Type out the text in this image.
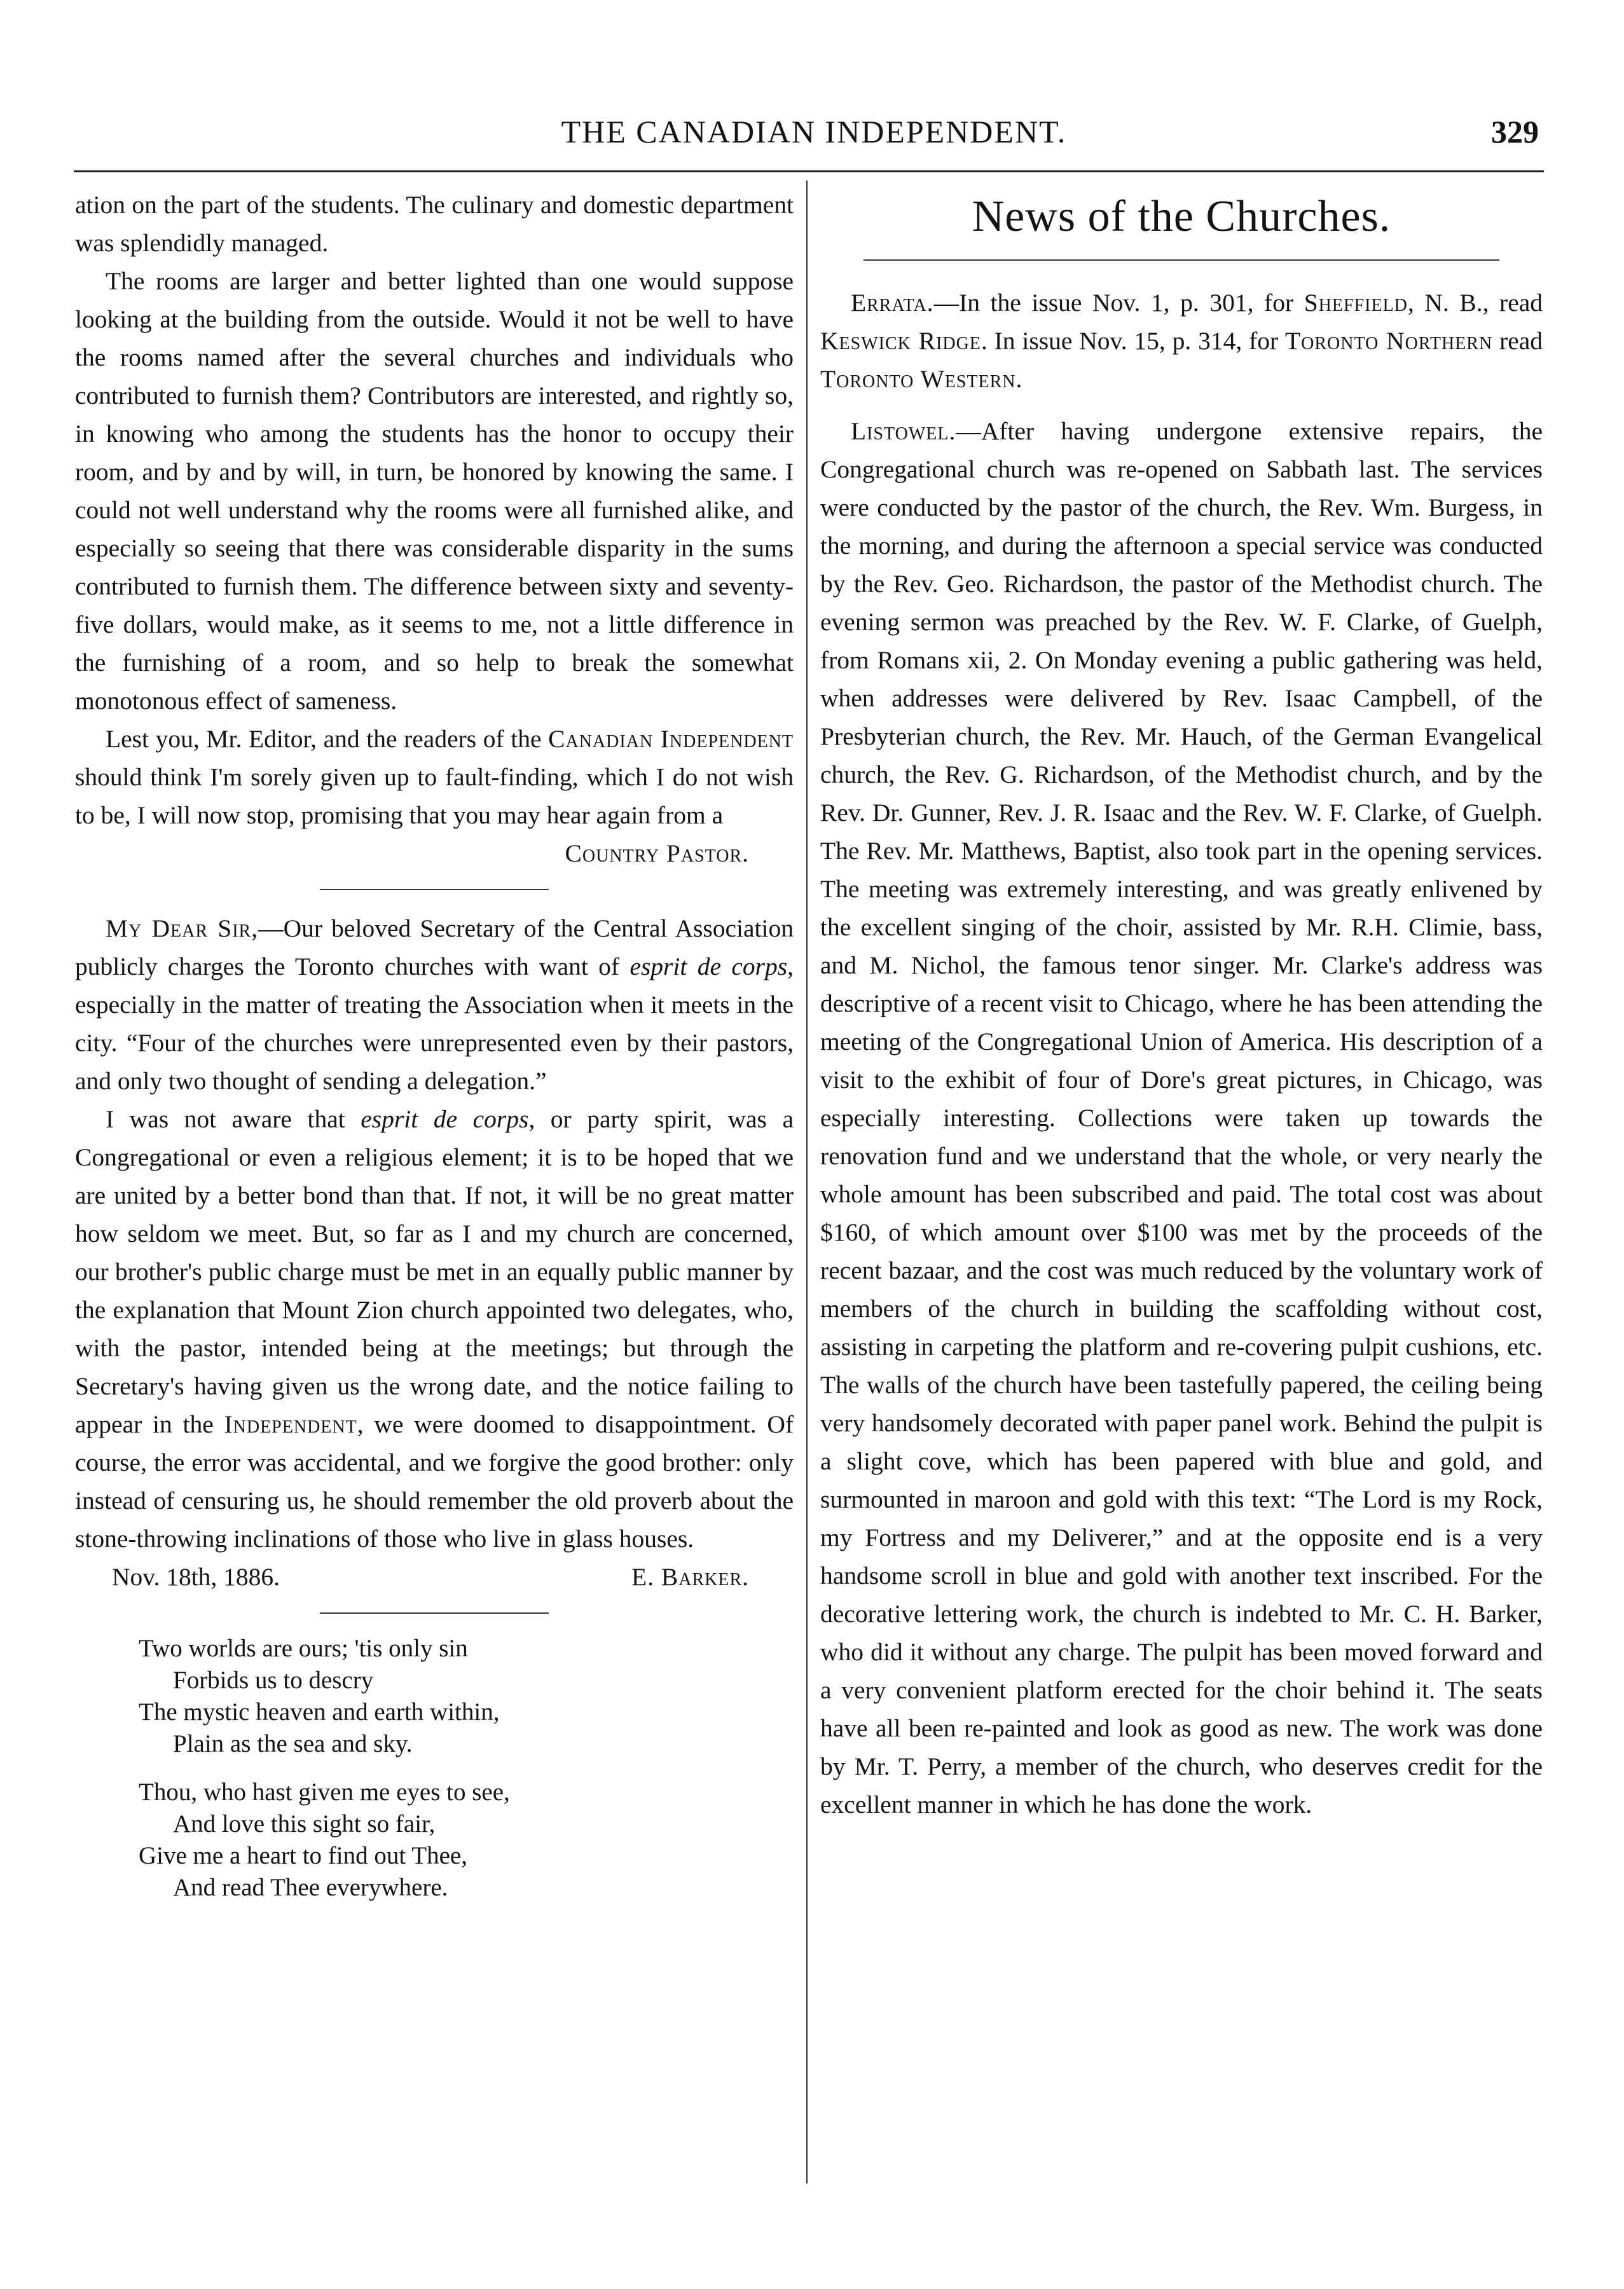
THE CANADIAN INDEPENDENT.	329

ation on the part of the students. The culinary and domestic department was splendidly managed.

The rooms are larger and better lighted than one would suppose looking at the building from the outside. Would it not be well to have the rooms named after the several churches and individuals who contributed to furnish them? Contributors are interested, and rightly so, in knowing who among the students has the honor to occupy their room, and by and by will, in turn, be honored by knowing the same. I could not well understand why the rooms were all furnished alike, and especially so seeing that there was considerable disparity in the sums contributed to furnish them. The difference between sixty and seventy-five dollars, would make, as it seems to me, not a little difference in the furnishing of a room, and so help to break the somewhat monotonous effect of sameness.

Lest you, Mr. Editor, and the readers of the Canadian Independent should think I'm sorely given up to fault-finding, which I do not wish to be, I will now stop, promising that you may hear again from a

Country Pastor.

My Dear Sir,—Our beloved Secretary of the Central Association publicly charges the Toronto churches with want of esprit de corps, especially in the matter of treating the Association when it meets in the city. “Four of the churches were unrepresented even by their pastors, and only two thought of sending a delegation.”

I was not aware that esprit de corps, or party spirit, was a Congregational or even a religious element; it is to be hoped that we are united by a better bond than that. If not, it will be no great matter how seldom we meet. But, so far as I and my church are concerned, our brother's public charge must be met in an equally public manner by the explanation that Mount Zion church appointed two delegates, who, with the pastor, intended being at the meetings; but through the Secretary's having given us the wrong date, and the notice failing to appear in the Independent, we were doomed to disappointment. Of course, the error was accidental, and we forgive the good brother: only instead of censuring us, he should remember the old proverb about the stone-throwing inclinations of those who live in glass houses.

Nov. 18th, 1886.	E. Barker.
Two worlds are ours; 'tis only sin
Forbids us to descry
The mystic heaven and earth within,
Plain as the sea and sky.
Thou, who hast given me eyes to see,
And love this sight so fair,
Give me a heart to find out Thee,
And read Thee everywhere.
News of the Churches.

Errata.—In the issue Nov. 1, p. 301, for Sheffield, N. B., read Keswick Ridge. In issue Nov. 15, p. 314, for Toronto Northern read Toronto Western.

Listowel.—After having undergone extensive repairs, the Congregational church was re-opened on Sabbath last. The services were conducted by the pastor of the church, the Rev. Wm. Burgess, in the morning, and during the afternoon a special service was conducted by the Rev. Geo. Richardson, the pastor of the Methodist church. The evening sermon was preached by the Rev. W. F. Clarke, of Guelph, from Romans xii, 2. On Monday evening a public gathering was held, when addresses were delivered by Rev. Isaac Campbell, of the Presbyterian church, the Rev. Mr. Hauch, of the German Evangelical church, the Rev. G. Richardson, of the Methodist church, and by the Rev. Dr. Gunner, Rev. J. R. Isaac and the Rev. W. F. Clarke, of Guelph. The Rev. Mr. Matthews, Baptist, also took part in the opening services. The meeting was extremely interesting, and was greatly enlivened by the excellent singing of the choir, assisted by Mr. R.H. Climie, bass, and M. Nichol, the famous tenor singer. Mr. Clarke's address was descriptive of a recent visit to Chicago, where he has been attending the meeting of the Congregational Union of America. His description of a visit to the exhibit of four of Dore's great pictures, in Chicago, was especially interesting. Collections were taken up towards the renovation fund and we understand that the whole, or very nearly the whole amount has been subscribed and paid. The total cost was about $160, of which amount over $100 was met by the proceeds of the recent bazaar, and the cost was much reduced by the voluntary work of members of the church in building the scaffolding without cost, assisting in carpeting the platform and re-covering pulpit cushions, etc. The walls of the church have been tastefully papered, the ceiling being very handsomely decorated with paper panel work. Behind the pulpit is a slight cove, which has been papered with blue and gold, and surmounted in maroon and gold with this text: “The Lord is my Rock, my Fortress and my Deliverer,” and at the opposite end is a very handsome scroll in blue and gold with another text inscribed. For the decorative lettering work, the church is indebted to Mr. C. H. Barker, who did it without any charge. The pulpit has been moved forward and a very convenient platform erected for the choir behind it. The seats have all been re-painted and look as good as new. The work was done by Mr. T. Perry, a member of the church, who deserves credit for the excellent manner in which he has done the work.
